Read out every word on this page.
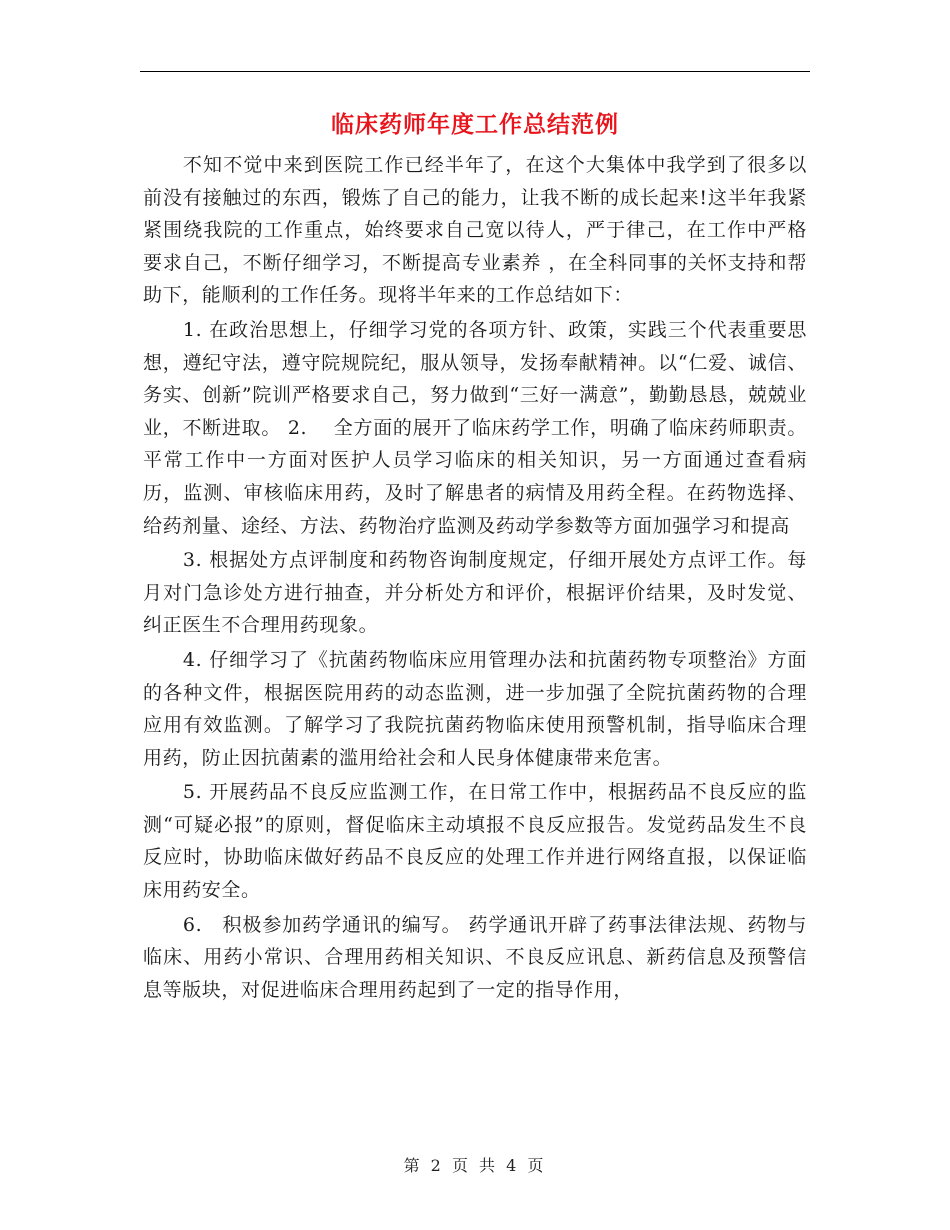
临床药师年度工作总结范例

不知不觉中来到医院工作已经半年了，在这个大集体中我学到了很多以前没有接触过的东西，锻炼了自己的能力，让我不断的成长起来!这半年我紧紧围绕我院的工作重点，始终要求自己宽以待人，严于律己，在工作中严格要求自己，不断仔细学习，不断提高专业素养 ，在全科同事的关怀支持和帮助下，能顺利的工作任务。现将半年来的工作总结如下：

1. 在政治思想上，仔细学习党的各项方针、政策，实践三个代表重要思想，遵纪守法，遵守院规院纪，服从领导，发扬奉献精神。以“仁爱、诚信、务实、创新”院训严格要求自己，努力做到“三好一满意”，勤勤恳恳，兢兢业业，不断进取。 2.　 全方面的展开了临床药学工作，明确了临床药师职责。平常工作中一方面对医护人员学习临床的相关知识，另一方面通过查看病历，监测、审核临床用药，及时了解患者的病情及用药全程。在药物选择、给药剂量、途经、方法、药物治疗监测及药动学参数等方面加强学习和提高

3. 根据处方点评制度和药物咨询制度规定，仔细开展处方点评工作。每月对门急诊处方进行抽查，并分析处方和评价，根据评价结果，及时发觉、纠正医生不合理用药现象。

4. 仔细学习了《抗菌药物临床应用管理办法和抗菌药物专项整治》方面的各种文件，根据医院用药的动态监测，进一步加强了全院抗菌药物的合理应用有效监测。了解学习了我院抗菌药物临床使用预警机制，指导临床合理用药，防止因抗菌素的滥用给社会和人民身体健康带来危害。

5. 开展药品不良反应监测工作，在日常工作中，根据药品不良反应的监测“可疑必报”的原则，督促临床主动填报不良反应报告。发觉药品发生不良反应时，协助临床做好药品不良反应的处理工作并进行网络直报，以保证临床用药安全。

6.　积极参加药学通讯的编写。 药学通讯开辟了药事法律法规、药物与临床、用药小常识、合理用药相关知识、不良反应讯息、新药信息及预警信息等版块，对促进临床合理用药起到了一定的指导作用，

第 2 页 共 4 页
